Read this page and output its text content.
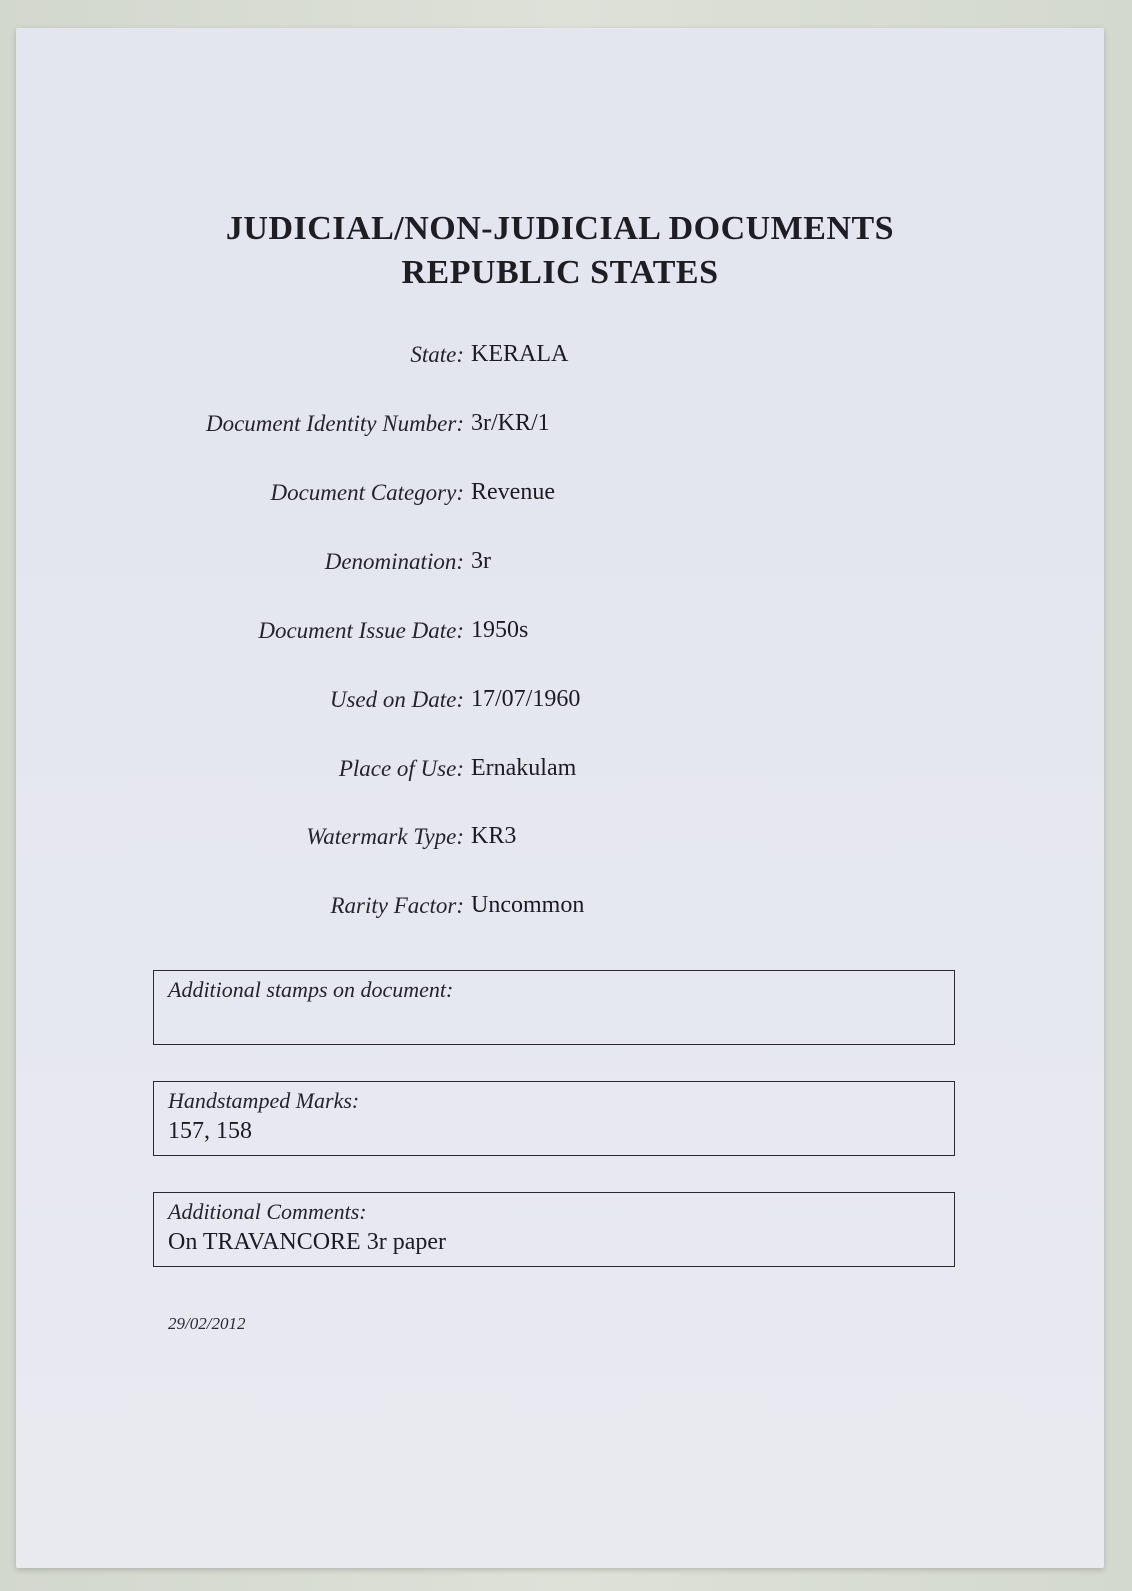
JUDICIAL/NON-JUDICIAL DOCUMENTS
REPUBLIC STATES
State: KERALA
Document Identity Number: 3r/KR/1
Document Category: Revenue
Denomination: 3r
Document Issue Date: 1950s
Used on Date: 17/07/1960
Place of Use: Ernakulam
Watermark Type: KR3
Rarity Factor: Uncommon
Additional stamps on document:
Handstamped Marks:
157, 158
Additional Comments:
On TRAVANCORE 3r paper
29/02/2012
